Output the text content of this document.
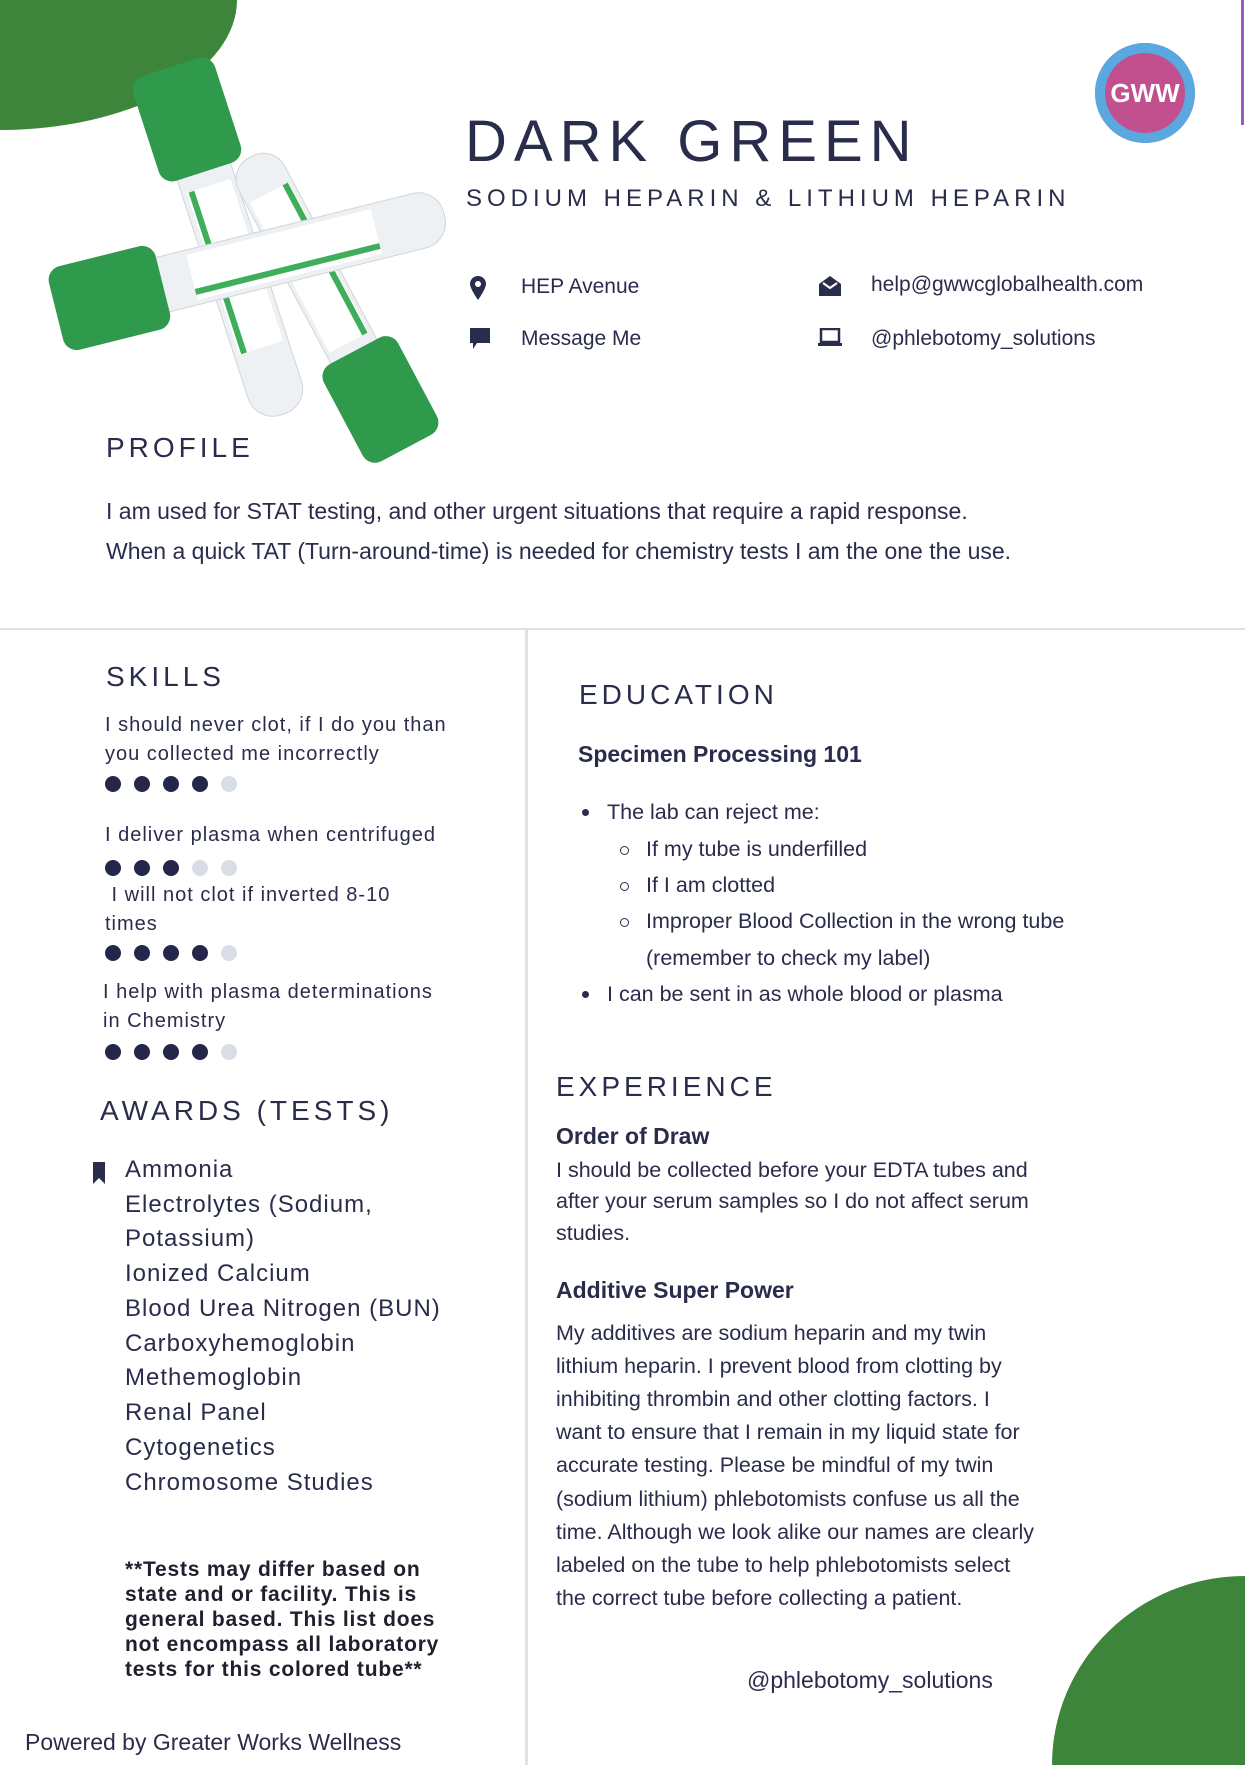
GWW
DARK GREEN
SODIUM HEPARIN & LITHIUM HEPARIN
HEP Avenue	help@gwwcglobalhealth.com
Message Me	@phlebotomy_solutions
PROFILE
I am used for STAT testing, and other urgent situations that require a rapid response.
When a quick TAT (Turn-around-time) is needed for chemistry tests I am the one the use.
SKILLS
I should never clot, if I do you than
you collected me incorrectly
I deliver plasma when centrifuged
I will not clot if inverted 8-10
times
I help with plasma determinations
in Chemistry
AWARDS (TESTS)
Ammonia
Electrolytes (Sodium,
Potassium)
Ionized Calcium
Blood Urea Nitrogen (BUN)
Carboxyhemoglobin
Methemoglobin
Renal Panel
Cytogenetics
Chromosome Studies
**Tests may differ based on
state and or facility. This is
general based. This list does
not encompass all laboratory
tests for this colored tube**
Powered by Greater Works Wellness
EDUCATION
Specimen Processing 101
The lab can reject me:
If my tube is underfilled
If I am clotted
Improper Blood Collection in the wrong tube
(remember to check my label)
I can be sent in as whole blood or plasma
EXPERIENCE
Order of Draw
I should be collected before your EDTA tubes and
after your serum samples so I do not affect serum
studies.
Additive Super Power
My additives are sodium heparin and my twin
lithium heparin. I prevent blood from clotting by
inhibiting thrombin and other clotting factors. I
want to ensure that I remain in my liquid state for
accurate testing. Please be mindful of my twin
(sodium lithium) phlebotomists confuse us all the
time. Although we look alike our names are clearly
labeled on the tube to help phlebotomists select
the correct tube before collecting a patient.
@phlebotomy_solutions
